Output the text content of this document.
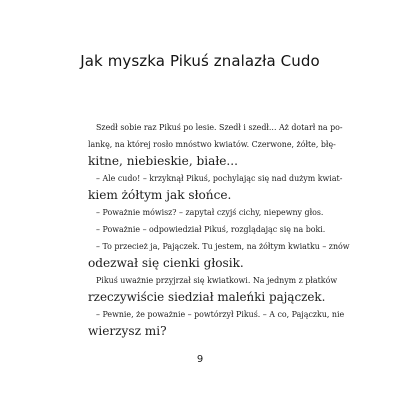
Jak myszka Pikuś znalazła Cudo
Szedł sobie raz Pikuś po lesie. Szedł i szedł... Aż dotarł na po-
lankę, na której rosło mnóstwo kwiatów. Czerwone, żółte, błę-
kitne, niebieskie, białe...
– Ale cudo! – krzyknął Pikuś, pochylając się nad dużym kwiat-
kiem żółtym jak słońce.
– Poważnie mówisz? – zapytał czyjś cichy, niepewny głos.
– Poważnie – odpowiedział Pikuś, rozglądając się na boki.
– To przecież ja, Pajączek. Tu jestem, na żółtym kwiatku – znów
odezwał się cienki głosik.
Pikuś uważnie przyjrzał się kwiatkowi. Na jednym z płatków
rzeczywiście siedział maleńki pajączek.
– Pewnie, że poważnie – powtórzył Pikuś. – A co, Pajączku, nie
wierzysz mi?
9
